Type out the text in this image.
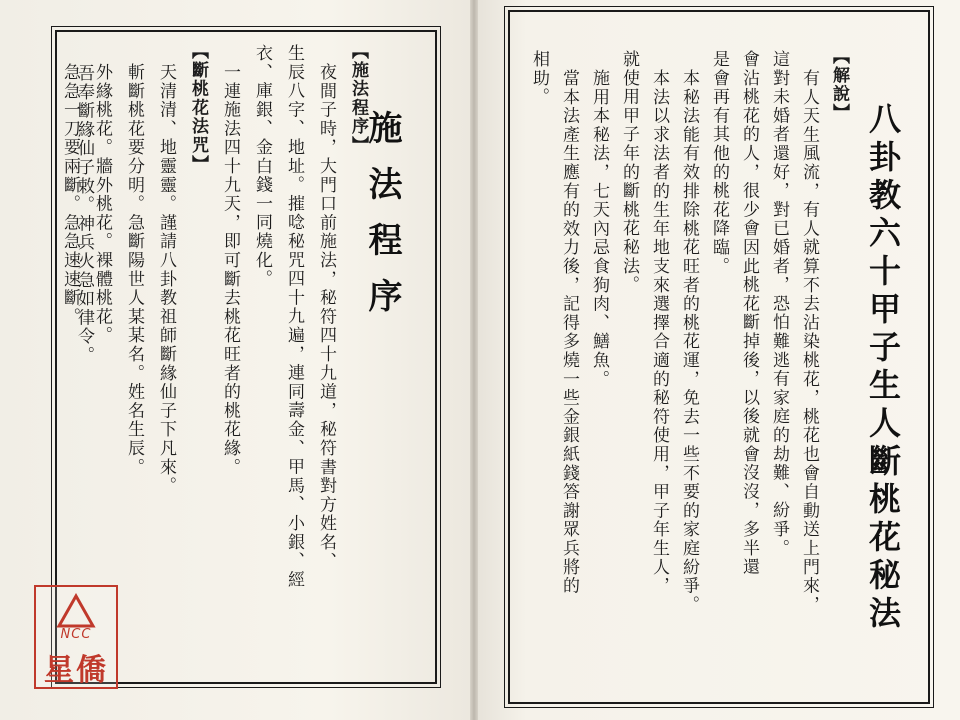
施法程序
【施法程序】
夜間子時，大門口前施法，秘符四十九道，秘符書對方姓名、
生辰八字、地址。摧唸秘咒四十九遍，連同壽金、甲馬、小銀、經
衣、庫銀、金白錢一同燒化。
一連施法四十九天，即可斷去桃花旺者的桃花緣。
【斷桃花法咒】
天清清、地靈靈。謹請八卦教祖師斷緣仙子下凡來。
斬斷桃花要分明。急斷陽世人某某名。姓名生辰。
外緣桃花。牆外桃花。裸體桃花。
急急一刀要兩斷。急急速速斷。
吾奉斷緣仙子敕。神兵火急如律令。
NCC
星僑
八卦教六十甲子生人斷桃花秘法
【解說】
有人天生風流，有人就算不去沾染桃花，桃花也會自動送上門來，
這對未婚者還好，對已婚者，恐怕難逃有家庭的劫難、紛爭。
會沾桃花的人，很少會因此桃花斷掉後，以後就會沒沒，多半還
是會再有其他的桃花降臨。
本秘法能有效排除桃花旺者的桃花運，免去一些不要的家庭紛爭。
本法以求法者的生年地支來選擇合適的秘符使用，甲子年生人，
就使用甲子年的斷桃花秘法。
施用本秘法，七天內忌食狗肉、鱔魚。
當本法產生應有的效力後，記得多燒一些金銀紙錢答謝眾兵將的
相助。
